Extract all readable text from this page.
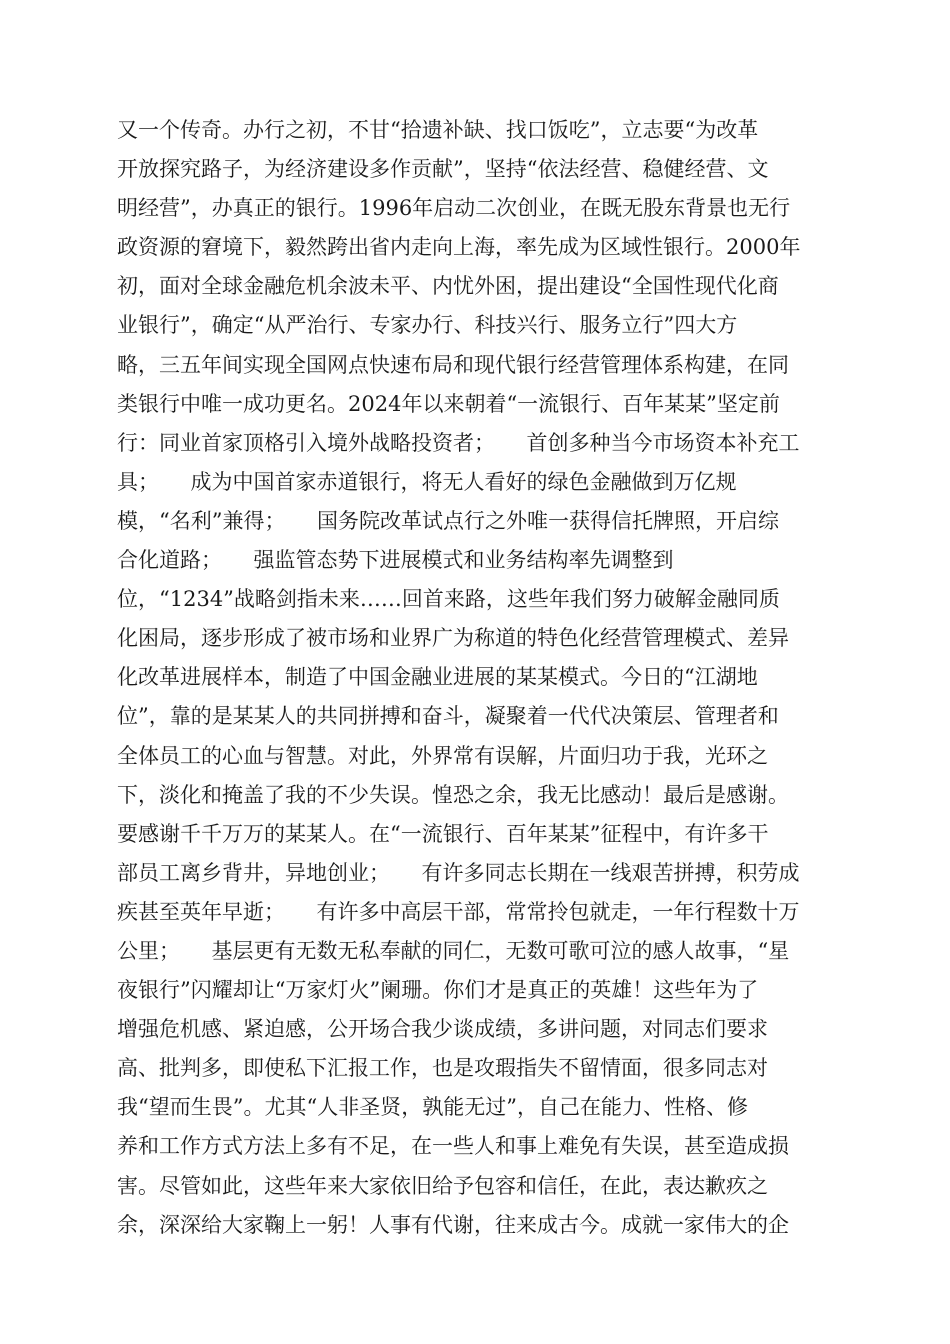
又一个传奇。办行之初，不甘“拾遗补缺、找口饭吃”，立志要“为改革
开放探究路子，为经济建设多作贡献”，坚持“依法经营、稳健经营、文
明经营”，办真正的银行。1996年启动二次创业，在既无股东背景也无行
政资源的窘境下，毅然跨出省内走向上海，率先成为区域性银行。2000年
初，面对全球金融危机余波未平、内忧外困，提出建设“全国性现代化商
业银行”，确定“从严治行、专家办行、科技兴行、服务立行”四大方
略，三五年间实现全国网点快速布局和现代银行经营管理体系构建，在同
类银行中唯一成功更名。2024年以来朝着“一流银行、百年某某”坚定前
行：同业首家顶格引入境外战略投资者；　　首创多种当今市场资本补充工
具；　　成为中国首家赤道银行，将无人看好的绿色金融做到万亿规
模，“名利”兼得；　　国务院改革试点行之外唯一获得信托牌照，开启综
合化道路；　　强监管态势下进展模式和业务结构率先调整到
位，“1234”战略剑指未来……回首来路，这些年我们努力破解金融同质
化困局，逐步形成了被市场和业界广为称道的特色化经营管理模式、差异
化改革进展样本，制造了中国金融业进展的某某模式。今日的“江湖地
位”，靠的是某某人的共同拼搏和奋斗，凝聚着一代代决策层、管理者和
全体员工的心血与智慧。对此，外界常有误解，片面归功于我，光环之
下，淡化和掩盖了我的不少失误。惶恐之余，我无比感动！最后是感谢。
要感谢千千万万的某某人。在“一流银行、百年某某”征程中，有许多干
部员工离乡背井，异地创业；　　有许多同志长期在一线艰苦拼搏，积劳成
疾甚至英年早逝；　　有许多中高层干部，常常拎包就走，一年行程数十万
公里；　　基层更有无数无私奉献的同仁，无数可歌可泣的感人故事，“星
夜银行”闪耀却让“万家灯火”阑珊。你们才是真正的英雄！这些年为了
增强危机感、紧迫感，公开场合我少谈成绩，多讲问题，对同志们要求
高、批判多，即使私下汇报工作，也是攻瑕指失不留情面，很多同志对
我“望而生畏”。尤其“人非圣贤，孰能无过”，自己在能力、性格、修
养和工作方式方法上多有不足，在一些人和事上难免有失误，甚至造成损
害。尽管如此，这些年来大家依旧给予包容和信任，在此，表达歉疚之
余，深深给大家鞠上一躬！人事有代谢，往来成古今。成就一家伟大的企
